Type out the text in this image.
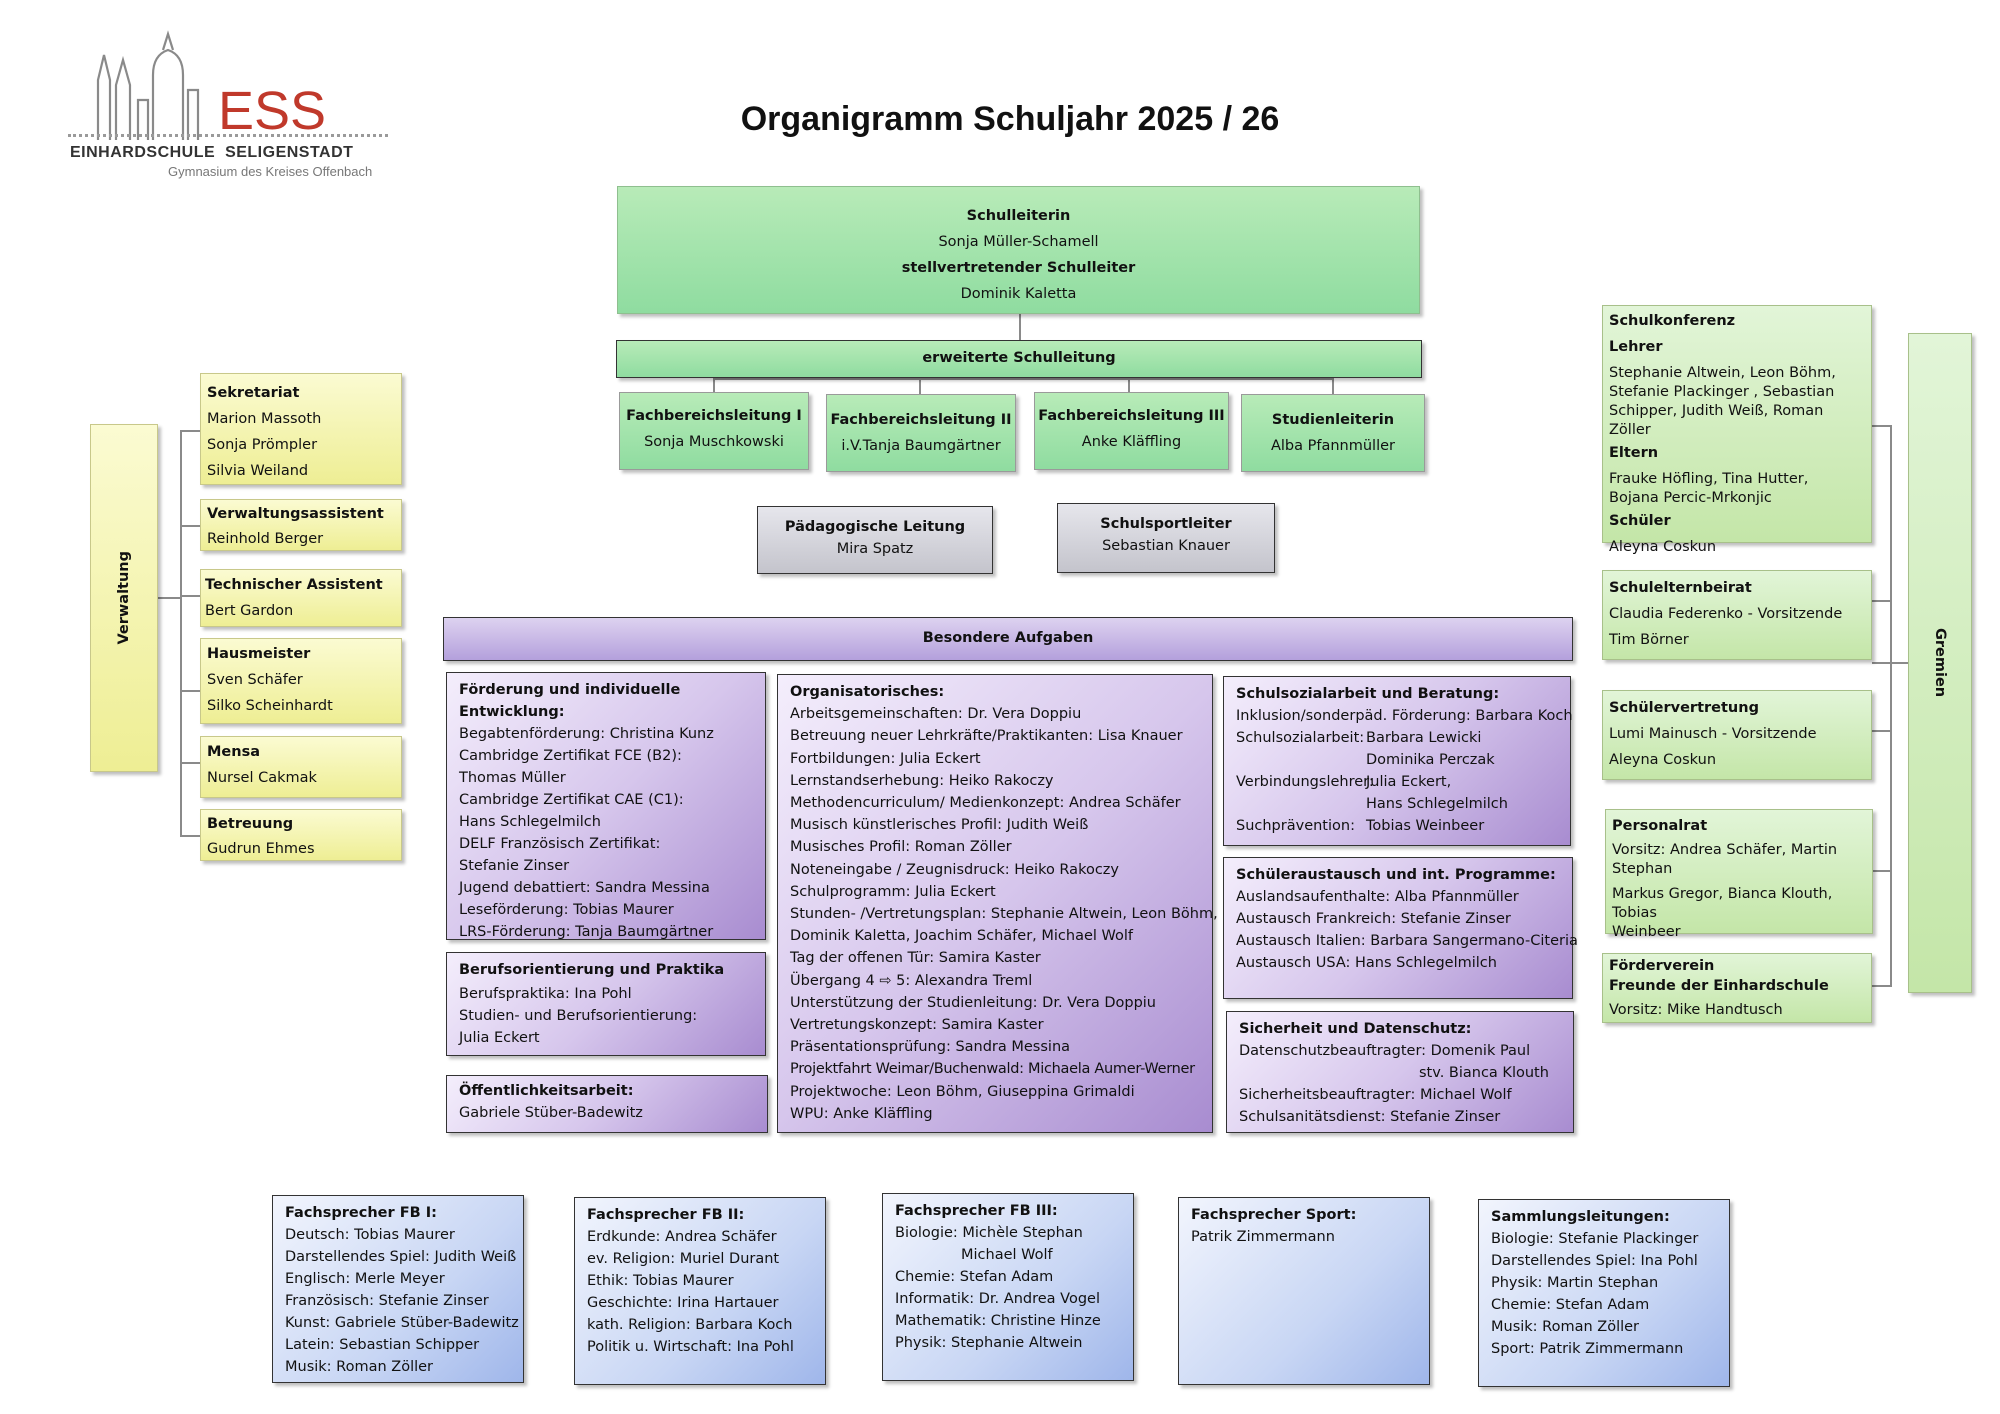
ESS
EINHARDSCHULE  SELIGENSTADT
Gymnasium des Kreises Offenbach
Organigramm Schuljahr 2025 / 26
Schulleiterin
Sonja Müller-Schamell
stellvertretender Schulleiter
Dominik Kaletta
erweiterte Schulleitung
Fachbereichsleitung I
Sonja Muschkowski
Fachbereichsleitung II
i.V.Tanja Baumgärtner
Fachbereichsleitung III
Anke Kläffling
Studienleiterin
Alba Pfannmüller
Pädagogische Leitung
Mira Spatz
Schulsportleiter
Sebastian Knauer
Verwaltung
Sekretariat
Marion Massoth
Sonja Prömpler
Silvia Weiland
Verwaltungsassistent
Reinhold Berger
Technischer Assistent
Bert Gardon
Hausmeister
Sven Schäfer
Silko Scheinhardt
Mensa
Nursel Cakmak
Betreuung
Gudrun Ehmes
Gremien
Schulkonferenz
Lehrer
Stephanie Altwein, Leon Böhm,
Stefanie Plackinger , Sebastian
Schipper, Judith Weiß, Roman Zöller
Eltern
Frauke Höfling, Tina Hutter,
Bojana Percic-Mrkonjic
Schüler
Aleyna Coskun
Schulelternbeirat
Claudia Federenko - Vorsitzende
Tim Börner
Schülervertretung
Lumi Mainusch - Vorsitzende
Aleyna Coskun
Personalrat
Vorsitz: Andrea Schäfer, Martin
Stephan
Markus Gregor, Bianca Klouth, Tobias
Weinbeer
Förderverein
Freunde der Einhardschule
Vorsitz: Mike Handtusch
Besondere Aufgaben
Förderung und individuelle Entwicklung:
Begabtenförderung: Christina Kunz
Cambridge Zertifikat FCE (B2):
Thomas Müller
Cambridge Zertifikat CAE (C1):
Hans Schlegelmilch
DELF Französisch Zertifikat:
Stefanie Zinser
Jugend debattiert: Sandra Messina
Leseförderung: Tobias Maurer
LRS-Förderung: Tanja Baumgärtner
Berufsorientierung und Praktika
Berufspraktika: Ina Pohl
Studien- und Berufsorientierung:
Julia Eckert
Öffentlichkeitsarbeit:
Gabriele Stüber-Badewitz
Organisatorisches:
Arbeitsgemeinschaften: Dr. Vera Doppiu
Betreuung neuer Lehrkräfte/Praktikanten: Lisa Knauer
Fortbildungen: Julia Eckert
Lernstandserhebung: Heiko Rakoczy
Methodencurriculum/ Medienkonzept: Andrea Schäfer
Musisch künstlerisches Profil: Judith Weiß
Musisches Profil: Roman Zöller
Noteneingabe / Zeugnisdruck: Heiko Rakoczy
Schulprogramm: Julia Eckert
Stunden- /Vertretungsplan: Stephanie Altwein, Leon Böhm,
Dominik Kaletta, Joachim Schäfer, Michael Wolf
Tag der offenen Tür: Samira Kaster
Übergang 4 ⇨ 5: Alexandra Treml
Unterstützung der Studienleitung: Dr. Vera Doppiu
Vertretungskonzept: Samira Kaster
Präsentationsprüfung: Sandra Messina
Projektfahrt Weimar/Buchenwald: Michaela Aumer-Werner
Projektwoche: Leon Böhm, Giuseppina Grimaldi
WPU: Anke Kläffling
Schulsozialarbeit und Beratung:
Inklusion/sonderpäd. Förderung: Barbara Koch
Schulsozialarbeit: Barbara Lewicki
Dominika Perczak
Verbindungslehrer:
Julia Eckert,
Hans Schlegelmilch
Suchprävention: Tobias Weinbeer
Schüleraustausch und int. Programme:
Auslandsaufenthalte: Alba Pfannmüller
Austausch Frankreich: Stefanie Zinser
Austausch Italien: Barbara Sangermano-Citeria
Austausch USA: Hans Schlegelmilch
Sicherheit und Datenschutz:
Datenschutzbeauftragter: Domenik Paul
stv. Bianca Klouth
Sicherheitsbeauftragter: Michael Wolf
Schulsanitätsdienst: Stefanie Zinser
Fachsprecher FB I:
Deutsch: Tobias Maurer
Darstellendes Spiel: Judith Weiß
Englisch: Merle Meyer
Französisch: Stefanie Zinser
Kunst: Gabriele Stüber-Badewitz
Latein: Sebastian Schipper
Musik: Roman Zöller
Fachsprecher FB II:
Erdkunde: Andrea Schäfer
ev. Religion: Muriel Durant
Ethik: Tobias Maurer
Geschichte: Irina Hartauer
kath. Religion: Barbara Koch
Politik u. Wirtschaft: Ina Pohl
Fachsprecher FB III:
Biologie: Michèle Stephan
Michael Wolf
Chemie: Stefan Adam
Informatik: Dr. Andrea Vogel
Mathematik: Christine Hinze
Physik: Stephanie Altwein
Fachsprecher Sport:
Patrik Zimmermann
Sammlungsleitungen:
Biologie: Stefanie Plackinger
Darstellendes Spiel: Ina Pohl
Physik: Martin Stephan
Chemie: Stefan Adam
Musik: Roman Zöller
Sport: Patrik Zimmermann
